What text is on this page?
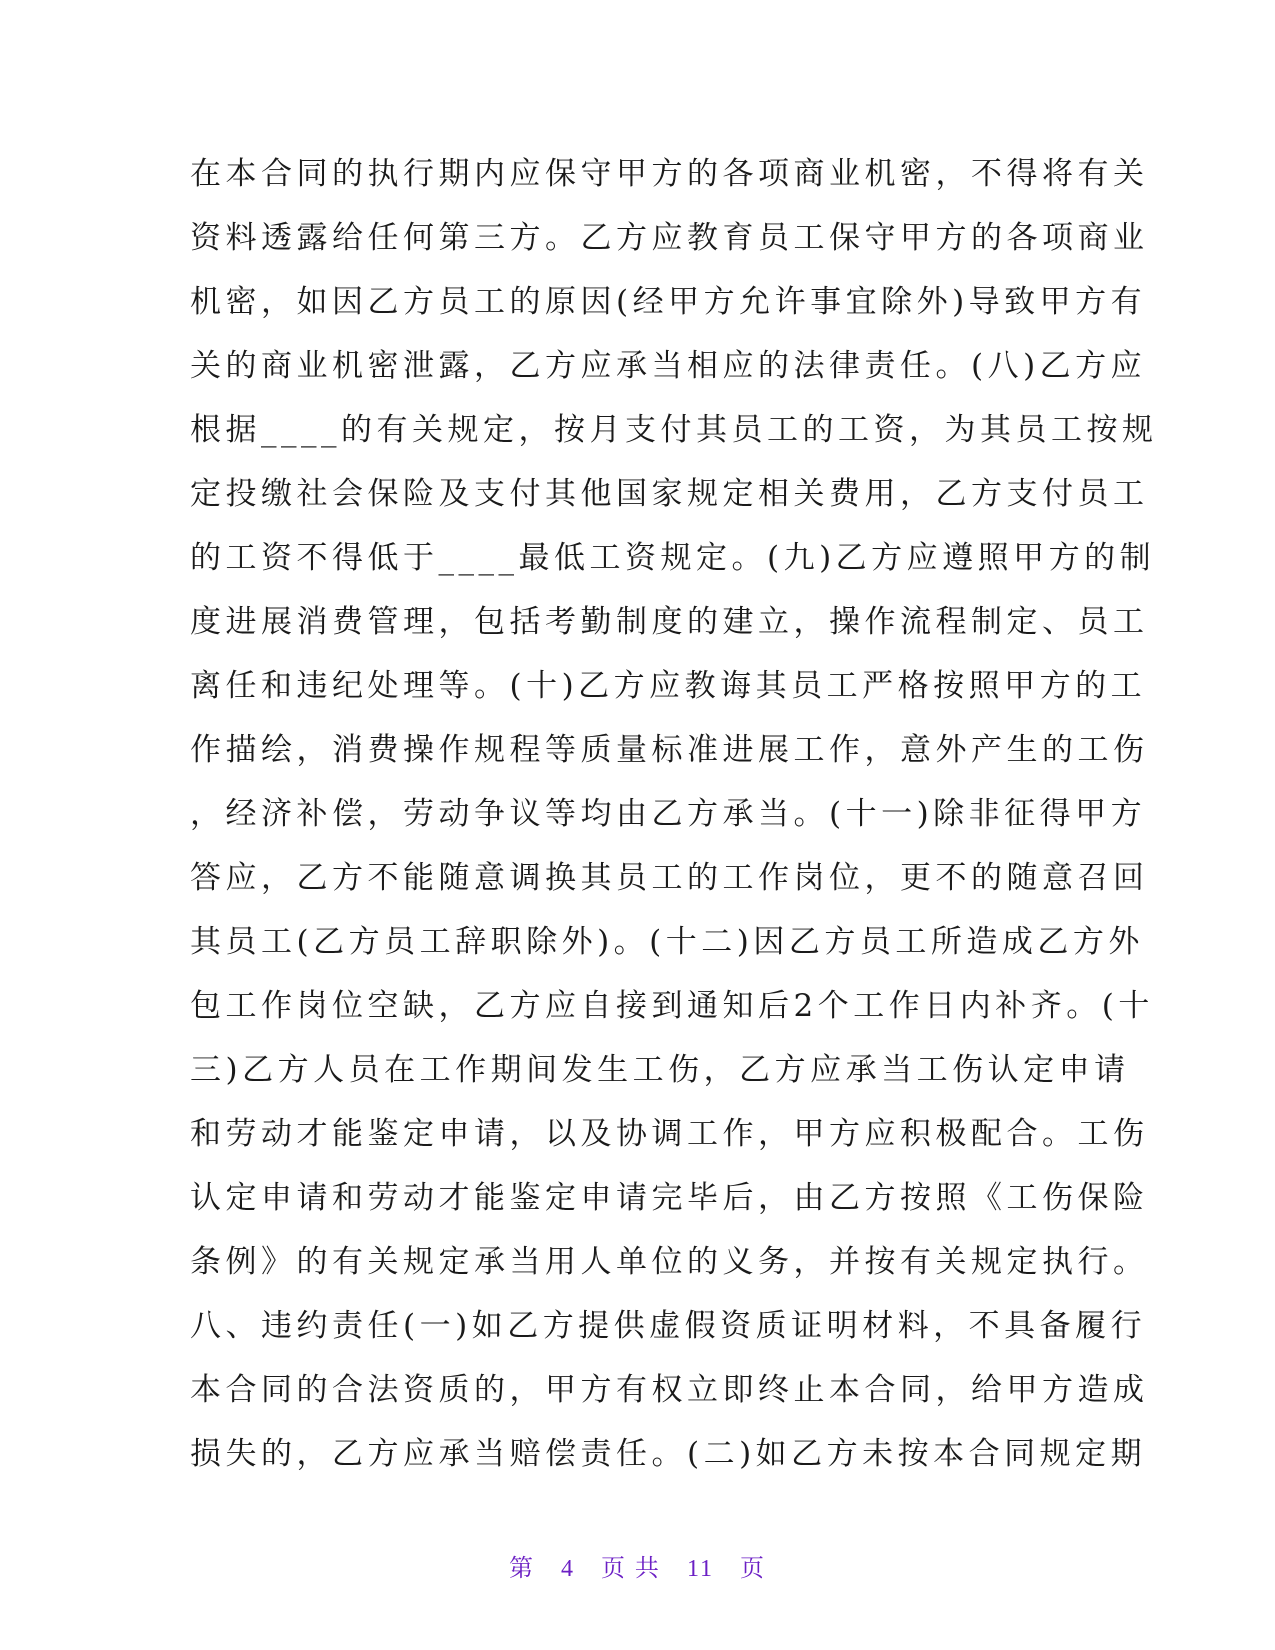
在本合同的执行期内应保守甲方的各项商业机密，不得将有关
资料透露给任何第三方。乙方应教育员工保守甲方的各项商业
机密，如因乙方员工的原因(经甲方允许事宜除外)导致甲方有
关的商业机密泄露，乙方应承当相应的法律责任。(八)乙方应
根据____的有关规定，按月支付其员工的工资，为其员工按规
定投缴社会保险及支付其他国家规定相关费用，乙方支付员工
的工资不得低于____最低工资规定。(九)乙方应遵照甲方的制
度进展消费管理，包括考勤制度的建立，操作流程制定、员工
离任和违纪处理等。(十)乙方应教诲其员工严格按照甲方的工
作描绘，消费操作规程等质量标准进展工作，意外产生的工伤
，经济补偿，劳动争议等均由乙方承当。(十一)除非征得甲方
答应，乙方不能随意调换其员工的工作岗位，更不的随意召回
其员工(乙方员工辞职除外)。(十二)因乙方员工所造成乙方外
包工作岗位空缺，乙方应自接到通知后2个工作日内补齐。(十
三)乙方人员在工作期间发生工伤，乙方应承当工伤认定申请
和劳动才能鉴定申请，以及协调工作，甲方应积极配合。工伤
认定申请和劳动才能鉴定申请完毕后，由乙方按照《工伤保险
条例》的有关规定承当用人单位的义务，并按有关规定执行。
八、违约责任(一)如乙方提供虚假资质证明材料，不具备履行
本合同的合法资质的，甲方有权立即终止本合同，给甲方造成
损失的，乙方应承当赔偿责任。(二)如乙方未按本合同规定期
第 4 页 共 11 页
